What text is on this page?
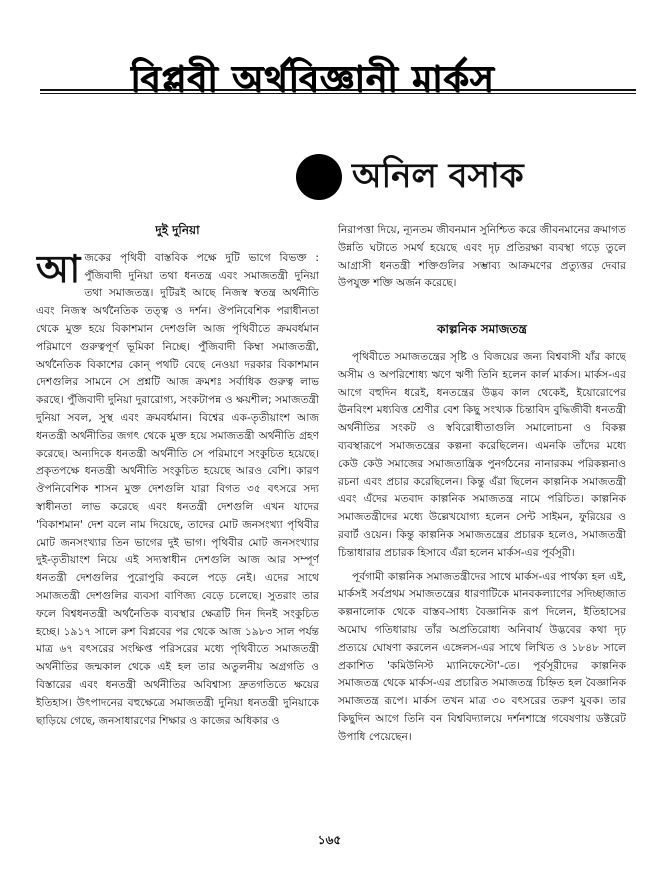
বিপ্লবী অর্থবিজ্ঞানী মার্কস
অনিল বসাক
দুই দুনিয়া

আজকের পৃথিবী বাস্তবিক পক্ষে দুটি ভাগে বিভক্ত : পুঁজিবাদী দুনিয়া তথা ধনতন্ত্র এবং সমাজতন্ত্রী দুনিয়া তথা সমাজতন্ত্র। দুটিরই আছে নিজস্ব স্বতন্ত্র অর্থনীতি এবং নিজস্ব অর্থনৈতিক তত্ত্ব ও দর্শন। ঔপনিবেশিক পরাধীনতা থেকে মুক্ত হয়ে বিকাশমান দেশগুলি আজ পৃথিবীতে ক্রমবর্ধমান পরিমাণে গুরুত্বপূর্ণ ভূমিকা নিচ্ছে। পুঁজিবাদী কিম্বা সমাজতন্ত্রী, অর্থনৈতিক বিকাশের কোন্ পথটি বেছে নেওয়া দরকার বিকাশমান দেশগুলির সামনে সে প্রশ্নটি আজ ক্রমশঃ সর্বাধিক গুরুত্ব লাভ করছে। পুঁজিবাদী দুনিয়া দুরারোগ্য, সংকটাপন্ন ও ক্ষয়শীল; সমাজতন্ত্রী দুনিয়া সবল, সুস্থ এবং ক্রমবর্ধমান। বিশ্বের এক-তৃতীয়াংশ আজ ধনতন্ত্রী অর্থনীতির জগৎ থেকে মুক্ত হয়ে সমাজতন্ত্রী অর্থনীতি গ্রহণ করেছে। অন্যদিকে ধনতন্ত্রী অর্থনীতি সে পরিমাণে সংকুচিত হয়েছে। প্রকৃতপক্ষে ধনতন্ত্রী অর্থনীতি সংকুচিত হয়েছে আরও বেশি। কারণ ঔপনিবেশিক শাসন মুক্ত দেশগুলি যারা বিগত ৩৫ বৎসরে সদ্য স্বাধীনতা লাভ করেছে এবং ধনতন্ত্রী দেশগুলি এখন যাদের 'বিকাশমান' দেশ বলে নাম দিয়েছে, তাদের মোট জনসংখ্যা পৃথিবীর মোট জনসংখ্যার তিন ভাগের দুই ভাগ। পৃথিবীর মোট জনসংখ্যার দুই-তৃতীয়াংশ নিয়ে এই সদ্যস্বাধীন দেশগুলি আজ আর সম্পূর্ণ ধনতন্ত্রী দেশগুলির পুরোপুরি কবলে পড়ে নেই। এদের সাথে সমাজতন্ত্রী দেশগুলির ব্যবসা বাণিজ্য বেড়ে চলেছে। সুতরাং তার ফলে বিশ্বধনতন্ত্রী অর্থনৈতিক ব্যবস্থার ক্ষেত্রটি দিন দিনই সংকুচিত হচ্ছে। ১৯১৭ সালে রুশ বিপ্লবের পর থেকে আজ ১৯৮৩ সাল পর্যন্ত মাত্র ৬৭ বৎসরের সংক্ষিপ্ত পরিসরের মধ্যে পৃথিবীতে সমাজতন্ত্রী অর্থনীতির জন্মকাল থেকে এই হল তার অতুলনীয় অগ্রগতি ও বিস্তারের এবং ধনতন্ত্রী অর্থনীতির অবিশ্বাস্য দ্রুতগতিতে ক্ষয়ের ইতিহাস। উৎপাদনের বহুক্ষেত্রে সমাজতন্ত্রী দুনিয়া ধনতন্ত্রী দুনিয়াকে ছাড়িয়ে গেছে, জনসাধারণের শিক্ষার ও কাজের অধিকার ও

নিরাপত্তা দিয়ে, ন্যূনতম জীবনমান সুনিশ্চিত করে জীবনমানের ক্রমাগত উন্নতি ঘটাতে সমর্থ হয়েছে এবং দৃঢ় প্রতিরক্ষা ব্যবস্থা গড়ে তুলে আগ্রাসী ধনতন্ত্রী শক্তিগুলির সম্ভাব্য আক্রমণের প্রত্যুত্তর দেবার উপযুক্ত শক্তি অর্জন করেছে।

কাল্পনিক সমাজতন্ত্র

পৃথিবীতে সমাজতন্ত্রের সৃষ্টি ও বিজয়ের জন্য বিশ্ববাসী যাঁর কাছে অসীম ও অপরিশোধ্য ঋণে ঋণী তিনি হলেন কার্ল মার্কস। মার্কস-এর আগে বহুদিন ধরেই, ধনতন্ত্রের উদ্ভব কাল থেকেই, ইয়োরোপের ঊনবিংশ মধ্যবিত্ত শ্রেণীর বেশ কিছু সংখ্যক চিন্তাবিদ বুদ্ধিজীবী ধনতন্ত্রী অর্থনীতির সংকট ও স্ববিরোধীতাগুলি সমালোচনা ও বিকল্প ব্যবস্থারূপে সমাজতন্ত্রের কল্পনা করেছিলেন। এমনকি তাঁদের মধ্যে কেউ কেউ সমাজের সমাজতান্ত্রিক পুনর্গঠনের নানারকম পরিকল্পনাও রচনা এবং প্রচার করেছিলেন। কিন্তু এঁরা ছিলেন কাল্পনিক সমাজতন্ত্রী এবং এঁদের মতবাদ কাল্পনিক সমাজতন্ত্র নামে পরিচিত। কাল্পনিক সমাজতন্ত্রীদের মধ্যে উল্লেখযোগ্য হলেন সেন্ট সাইমন, ফুরিয়ের ও রবার্ট ওয়েন। কিন্তু কাল্পনিক সমাজতন্ত্রের প্রচারক হলেও, সমাজতন্ত্রী চিন্তাধারার প্রচারক হিসাবে এঁরা হলেন মার্কস-এর পূর্বসূরী।

পূর্বগামী কাল্পনিক সমাজতন্ত্রীদের সাথে মার্কস-এর পার্থক্য হল এই, মার্কসই সর্বপ্রথম সমাজতন্ত্রের ধারণাটিকে মানবকল্যাণের সদিচ্ছাজাত কল্পনালোক থেকে বাস্তব-সাধ্য বৈজ্ঞানিক রূপ দিলেন, ইতিহাসের অমোঘ গতিধারায় তাঁর অপ্রতিরোধ্য অনিবার্য উদ্ভবের কথা দৃঢ় প্রত্যয়ে ঘোষণা করলেন এঙ্গেলস-এর সাথে লিখিত ও ১৮৪৮ সালে প্রকাশিত 'কমিউনিস্ট ম্যানিফেস্টো'-তে। পূর্বসূরীদের কাল্পনিক সমাজতন্ত্র থেকে মার্কস-এর প্রচারিত সমাজতন্ত্র চিহ্নিত হল বৈজ্ঞানিক সমাজতন্ত্র রূপে। মার্কস তখন মাত্র ৩০ বৎসরের তরুণ যুবক। তার কিছুদিন আগে তিনি বন বিশ্ববিদ্যালয়ে দর্শনশাস্ত্রে গবেষণায় ডক্টরেট উপাধি পেয়েছেন।

১৬৫
